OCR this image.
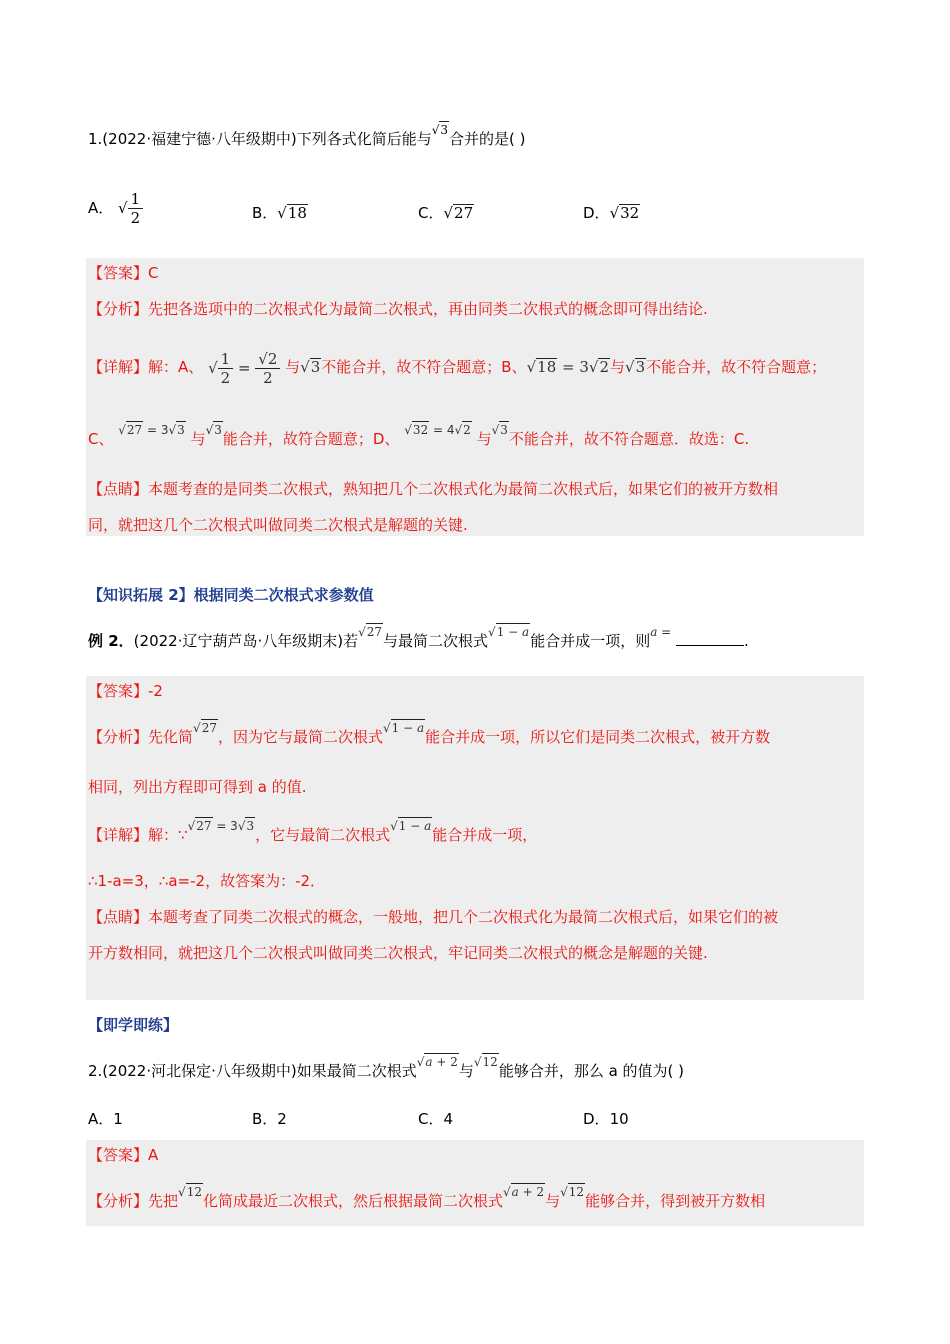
1.(2022·福建宁德·八年级期中)下列各式化简后能与$^{√3}$合并的是( )
A． √ $\frac{1}{2}$	B．√18	C．√27	D．√32
【答案】C
【分析】先把各选项中的二次根式化为最简二次根式，再由同类二次根式的概念即可得出结论.
【详解】解：A、 √ $\frac{1}{2} = \frac{√2}{2}$ 与√3不能合并，故不符合题意；B、√18 = 3√2与√3不能合并，故不符合题意；
C、 $^{√27 = 3√3}$ 与$^{√3}$能合并，故符合题意；D、 $^{√32 = 4√2}$ 与$^{√3}$不能合并，故不符合题意．故选：C.
【点睛】本题考查的是同类二次根式，熟知把几个二次根式化为最简二次根式后，如果它们的被开方数相
同，就把这几个二次根式叫做同类二次根式是解题的关键.
【知识拓展 2】根据同类二次根式求参数值
例 2．(2022·辽宁葫芦岛·八年级期末)若$^{√27}$与最简二次根式$^{√1 - a}$能合并成一项，则$^{a =}$	.
【答案】-2
【分析】先化简$^{√27}$，因为它与最简二次根式$^{√1 - a}$能合并成一项，所以它们是同类二次根式，被开方数
相同，列出方程即可得到 a 的值.
【详解】解：∵$^{√27 = 3√3}$，它与最简二次根式$^{√1 - a}$能合并成一项，
∴1-a=3，∴a=-2，故答案为：-2．
【点睛】本题考查了同类二次根式的概念，一般地，把几个二次根式化为最简二次根式后，如果它们的被
开方数相同，就把这几个二次根式叫做同类二次根式，牢记同类二次根式的概念是解题的关键.
【即学即练】
2.(2022·河北保定·八年级期中)如果最简二次根式$^{√a + 2}$与$^{√12}$能够合并，那么 a 的值为( )
A．1	B．2	C．4	D．10
【答案】A
【分析】先把$^{√12}$化简成最近二次根式，然后根据最简二次根式$^{√a + 2}$与$^{√12}$能够合并，得到被开方数相
